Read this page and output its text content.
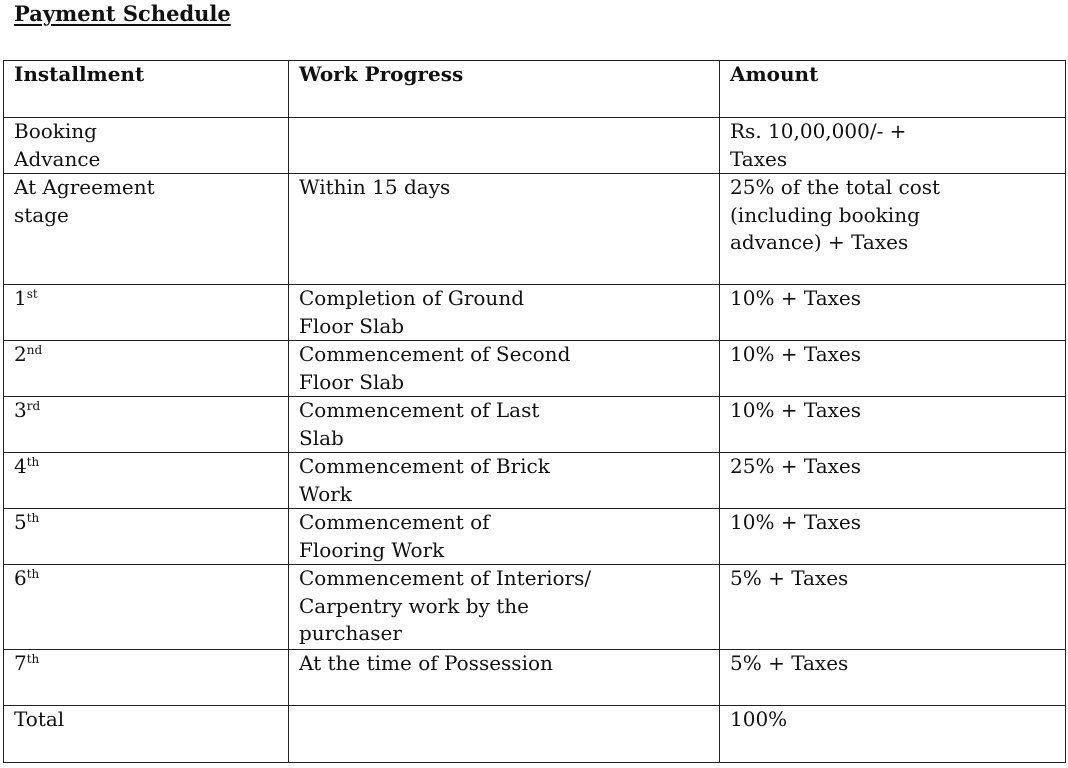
Payment Schedule
Installment	Work Progress	Amount
Booking Advance		Rs. 10,00,000/- + Taxes
At Agreement stage	Within 15 days	25% of the total cost (including booking advance) + Taxes
1st	Completion of Ground Floor Slab	10% + Taxes
2nd	Commencement of Second Floor Slab	10% + Taxes
3rd	Commencement of Last Slab	10% + Taxes
4th	Commencement of Brick Work	25% + Taxes
5th	Commencement of Flooring Work	10% + Taxes
6th	Commencement of Interiors/ Carpentry work by the purchaser	5% + Taxes
7th	At the time of Possession	5% + Taxes
Total		100%
